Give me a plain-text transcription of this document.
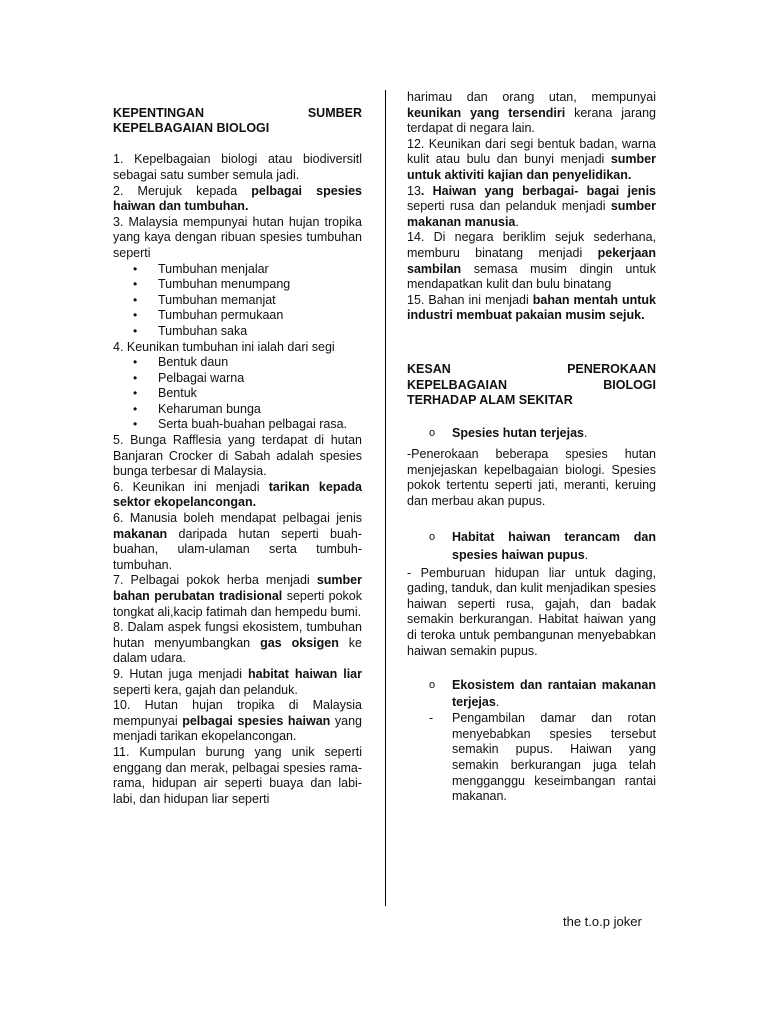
KEPENTINGAN	SUMBER
KEPELBAGAIAN BIOLOGI

1. Kepelbagaian biologi atau biodiversitl sebagai satu sumber semula jadi.

2. Merujuk kepada pelbagai spesies haiwan dan tumbuhan.

3. Malaysia mempunyai hutan hujan tropika yang kaya dengan ribuan spesies tumbuhan seperti

• Tumbuhan menjalar
• Tumbuhan menumpang
• Tumbuhan memanjat
• Tumbuhan permukaan
• Tumbuhan saka

4. Keunikan tumbuhan ini ialah dari segi

• Bentuk daun
• Pelbagai warna
• Bentuk
• Keharuman bunga
• Serta buah-buahan pelbagai rasa.

5. Bunga Rafflesia yang terdapat di hutan Banjaran Crocker di Sabah adalah spesies bunga terbesar di Malaysia.

6. Keunikan ini menjadi tarikan kepada sektor ekopelancongan.

6. Manusia boleh mendapat pelbagai jenis makanan daripada hutan seperti buah-buahan, ulam-ulaman serta tumbuh-tumbuhan.

7. Pelbagai pokok herba menjadi sumber bahan perubatan tradisional seperti pokok tongkat ali,kacip fatimah dan hempedu bumi.

8. Dalam aspek fungsi ekosistem, tumbuhan hutan menyumbangkan gas oksigen ke dalam udara.

9. Hutan juga menjadi habitat haiwan liar seperti kera, gajah dan pelanduk.

10. Hutan hujan tropika di Malaysia mempunyai pelbagai spesies haiwan yang menjadi tarikan ekopelancongan.

11. Kumpulan burung yang unik seperti enggang dan merak, pelbagai spesies rama-rama, hidupan air seperti buaya dan labi-labi, dan hidupan liar seperti

harimau dan orang utan, mempunyai keunikan yang tersendiri kerana jarang terdapat di negara lain.

12. Keunikan dari segi bentuk badan, warna kulit atau bulu dan bunyi menjadi sumber untuk aktiviti kajian dan penyelidikan.

13. Haiwan yang berbagai- bagai jenis seperti rusa dan pelanduk menjadi sumber makanan manusia.

14. Di negara beriklim sejuk sederhana, memburu binatang menjadi pekerjaan sambilan semasa musim dingin untuk mendapatkan kulit dan bulu binatang

15. Bahan ini menjadi bahan mentah untuk industri membuat pakaian musim sejuk.

KESAN	PENEROKAAN
KEPELBAGAIAN	BIOLOGI
TERHADAP ALAM SEKITAR
o Spesies hutan terjejas.

-Penerokaan beberapa spesies hutan menjejaskan kepelbagaian biologi. Spesies pokok tertentu seperti jati, meranti, keruing dan merbau akan pupus.

o Habitat haiwan terancam dan spesies haiwan pupus.

- Pemburuan hidupan liar untuk daging, gading, tanduk, dan kulit menjadikan spesies haiwan seperti rusa, gajah, dan badak semakin berkurangan. Habitat haiwan yang di teroka untuk pembangunan menyebabkan haiwan semakin pupus.

o Ekosistem dan rantaian makanan terjejas.
- Pengambilan damar dan rotan menyebabkan spesies tersebut semakin pupus. Haiwan yang semakin berkurangan juga telah mengganggu keseimbangan rantai makanan.
the t.o.p joker
